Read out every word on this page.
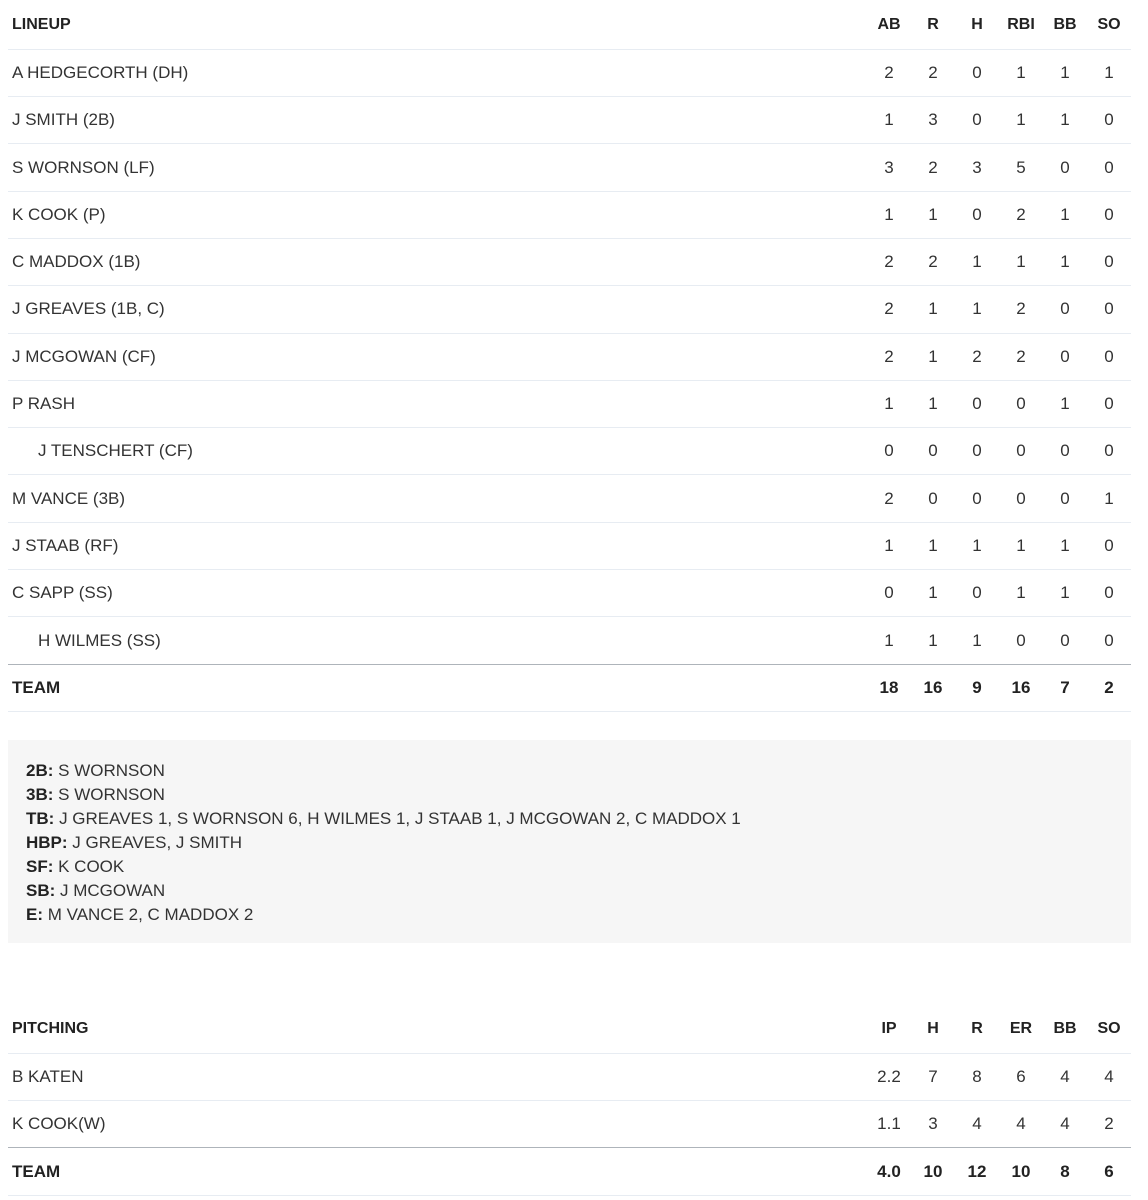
LINEUP	AB	R	H	RBI	BB	SO
A HEDGECORTH (DH)	2	2	0	1	1	1
J SMITH (2B)	1	3	0	1	1	0
S WORNSON (LF)	3	2	3	5	0	0
K COOK (P)	1	1	0	2	1	0
C MADDOX (1B)	2	2	1	1	1	0
J GREAVES (1B, C)	2	1	1	2	0	0
J MCGOWAN (CF)	2	1	2	2	0	0
P RASH	1	1	0	0	1	0
J TENSCHERT (CF)	0	0	0	0	0	0
M VANCE (3B)	2	0	0	0	0	1
J STAAB (RF)	1	1	1	1	1	0
C SAPP (SS)	0	1	0	1	1	0
H WILMES (SS)	1	1	1	0	0	0
TEAM	18	16	9	16	7	2
2B: S WORNSON
3B: S WORNSON
TB: J GREAVES 1, S WORNSON 6, H WILMES 1, J STAAB 1, J MCGOWAN 2, C MADDOX 1
HBP: J GREAVES, J SMITH
SF: K COOK
SB: J MCGOWAN
E: M VANCE 2, C MADDOX 2
PITCHING	IP	H	R	ER	BB	SO
B KATEN	2.2	7	8	6	4	4
K COOK(W)	1.1	3	4	4	4	2
TEAM	4.0	10	12	10	8	6
